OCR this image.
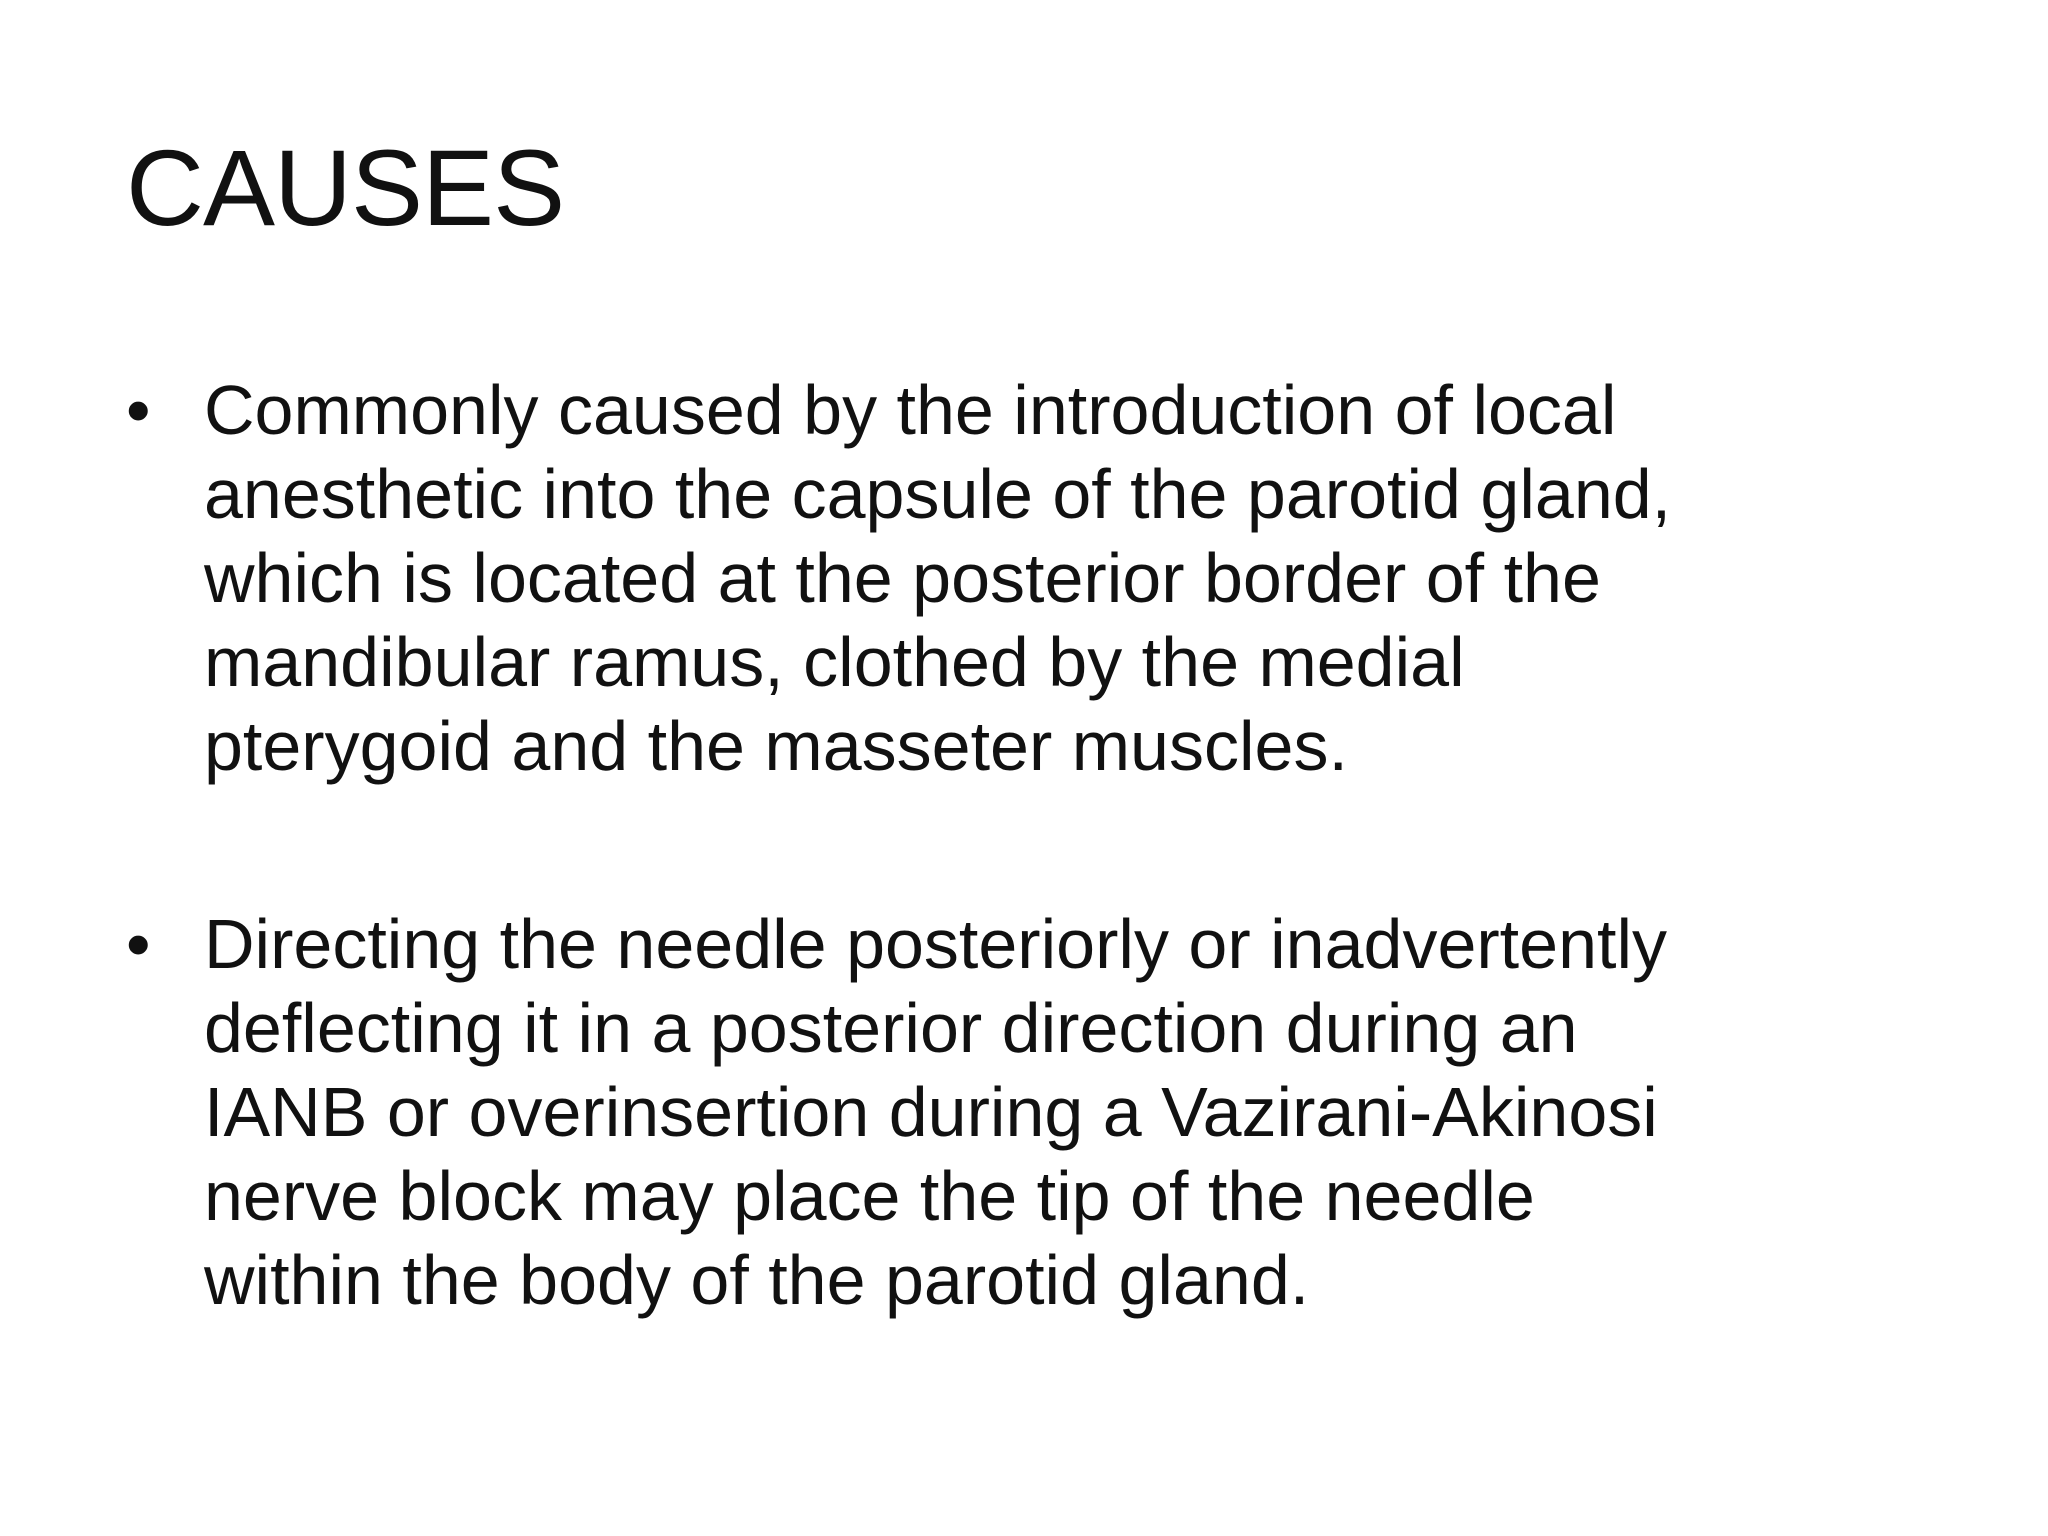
CAUSES
• Commonly caused by the introduction of local
anesthetic into the capsule of the parotid gland,
which is located at the posterior border of the
mandibular ramus, clothed by the medial
pterygoid and the masseter muscles.
• Directing the needle posteriorly or inadvertently
deflecting it in a posterior direction during an
IANB or overinsertion during a Vazirani-Akinosi
nerve block may place the tip of the needle
within the body of the parotid gland.
